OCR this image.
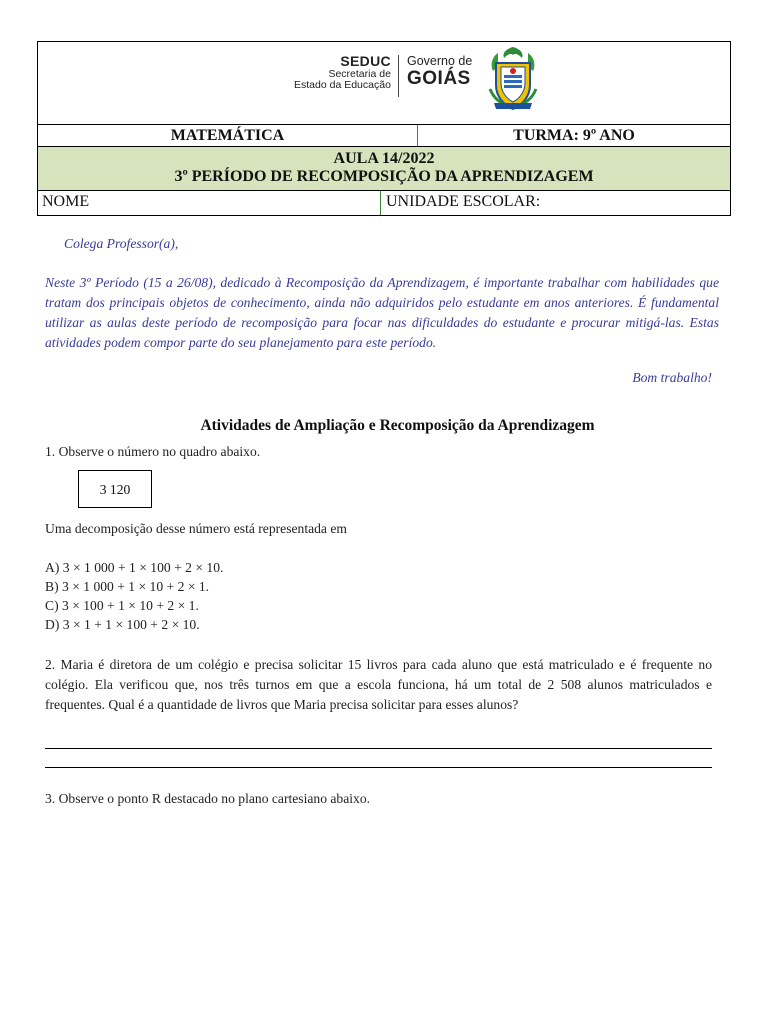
SEDUC
Secretaria de
Estado da Educação
Governo de
GOIÁS
MATEMÁTICA	TURMA: 9º ANO
AULA 14/2022
3º PERÍODO DE RECOMPOSIÇÃO DA APRENDIZAGEM
NOME	UNIDADE ESCOLAR:
Colega Professor(a),
Neste 3º Período (15 a 26/08), dedicado à Recomposição da Aprendizagem, é importante trabalhar com habilidades que tratam dos principais objetos de conhecimento, ainda não adquiridos pelo estudante em anos anteriores. É fundamental utilizar as aulas deste período de recomposição para focar nas dificuldades do estudante e procurar mitigá-las. Estas atividades podem compor parte do seu planejamento para este período.
Bom trabalho!
Atividades de Ampliação e Recomposição da Aprendizagem
1. Observe o número no quadro abaixo.
3 120
Uma decomposição desse número está representada em
A) 3 × 1 000 + 1 × 100 + 2 × 10.
B) 3 × 1 000 + 1 × 10 + 2 × 1.
C) 3 × 100 + 1 × 10 + 2 × 1.
D) 3 × 1 + 1 × 100 + 2 × 10.
2. Maria é diretora de um colégio e precisa solicitar 15 livros para cada aluno que está matriculado e é frequente no colégio. Ela verificou que, nos três turnos em que a escola funciona, há um total de 2 508 alunos matriculados e frequentes. Qual é a quantidade de livros que Maria precisa solicitar para esses alunos?
3. Observe o ponto R destacado no plano cartesiano abaixo.
